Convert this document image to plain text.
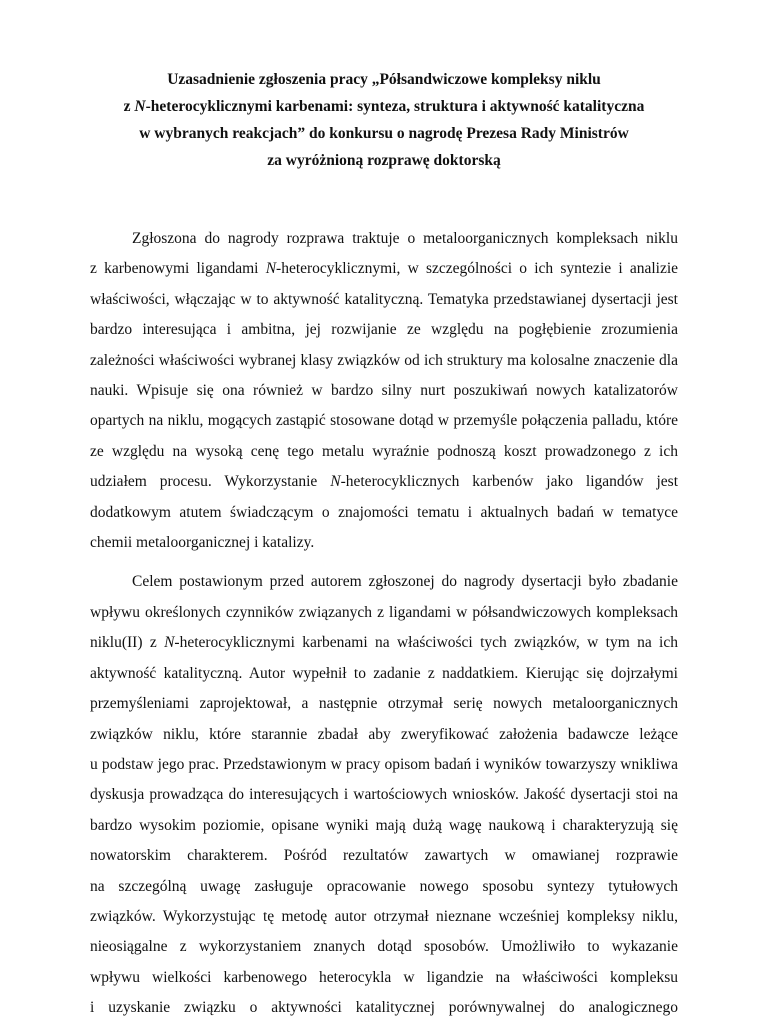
Uzasadnienie zgłoszenia pracy „Półsandwiczowe kompleksy niklu
z N-heterocyklicznymi karbenami: synteza, struktura i aktywność katalityczna
w wybranych reakcjach” do konkursu o nagrodę Prezesa Rady Ministrów
za wyróżnioną rozprawę doktorską
Zgłoszona do nagrody rozprawa traktuje o metaloorganicznych kompleksach niklu
z karbenowymi ligandami N-heterocyklicznymi, w szczególności o ich syntezie i analizie
właściwości, włączając w to aktywność katalityczną. Tematyka przedstawianej dysertacji jest
bardzo interesująca i ambitna, jej rozwijanie ze względu na pogłębienie zrozumienia
zależności właściwości wybranej klasy związków od ich struktury ma kolosalne znaczenie dla
nauki. Wpisuje się ona również w bardzo silny nurt poszukiwań nowych katalizatorów
opartych na niklu, mogących zastąpić stosowane dotąd w przemyśle połączenia palladu, które
ze względu na wysoką cenę tego metalu wyraźnie podnoszą koszt prowadzonego z ich
udziałem procesu. Wykorzystanie N-heterocyklicznych karbenów jako ligandów jest
dodatkowym atutem świadczącym o znajomości tematu i aktualnych badań w tematyce
chemii metaloorganicznej i katalizy.
Celem postawionym przed autorem zgłoszonej do nagrody dysertacji było zbadanie
wpływu określonych czynników związanych z ligandami w półsandwiczowych kompleksach
niklu(II) z N-heterocyklicznymi karbenami na właściwości tych związków, w tym na ich
aktywność katalityczną. Autor wypełnił to zadanie z naddatkiem. Kierując się dojrzałymi
przemyśleniami zaprojektował, a następnie otrzymał serię nowych metaloorganicznych
związków niklu, które starannie zbadał aby zweryfikować założenia badawcze leżące
u podstaw jego prac. Przedstawionym w pracy opisom badań i wyników towarzyszy wnikliwa
dyskusja prowadząca do interesujących i wartościowych wniosków. Jakość dysertacji stoi na
bardzo wysokim poziomie, opisane wyniki mają dużą wagę naukową i charakteryzują się
nowatorskim charakterem. Pośród rezultatów zawartych w omawianej rozprawie
na szczególną uwagę zasługuje opracowanie nowego sposobu syntezy tytułowych
związków. Wykorzystując tę metodę autor otrzymał nieznane wcześniej kompleksy niklu,
nieosiągalne z wykorzystaniem znanych dotąd sposobów. Umożliwiło to wykazanie
wpływu wielkości karbenowego heterocykla w ligandzie na właściwości kompleksu
i uzyskanie związku o aktywności katalitycznej porównywalnej do analogicznego
